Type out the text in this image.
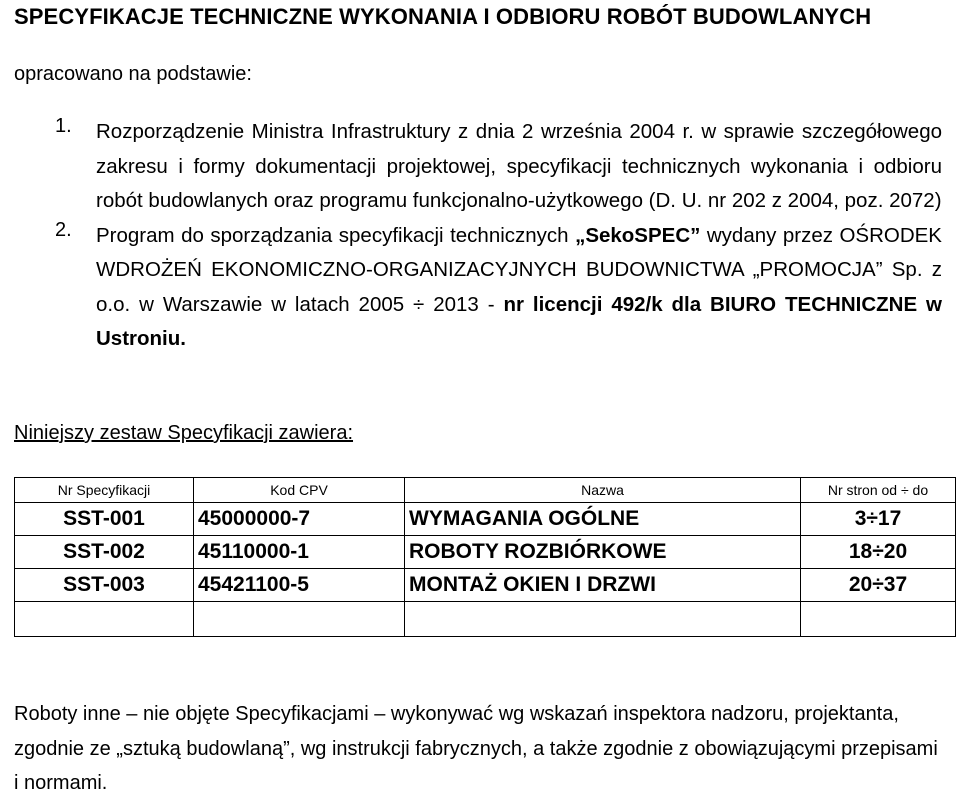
SPECYFIKACJE TECHNICZNE WYKONANIA I ODBIORU ROBÓT BUDOWLANYCH
opracowano na podstawie:
1. Rozporządzenie Ministra Infrastruktury z dnia 2 września 2004 r. w sprawie szczegółowego zakresu i formy dokumentacji projektowej, specyfikacji technicznych wykonania i odbioru robót budowlanych oraz programu funkcjonalno-użytkowego (D. U. nr 202 z 2004, poz. 2072)
2. Program do sporządzania specyfikacji technicznych „SekoSPEC” wydany przez OŚRODEK WDROŻEŃ EKONOMICZNO-ORGANIZACYJNYCH BUDOWNICTWA „PROMOCJA” Sp. z o.o. w Warszawie w latach 2005 ÷ 2013 - nr licencji 492/k dla BIURO TECHNICZNE w Ustroniu.
Niniejszy zestaw Specyfikacji zawiera:
Nr Specyfikacji	Kod CPV	Nazwa	Nr stron od ÷ do
SST-001	45000000-7	WYMAGANIA OGÓLNE	3÷17
SST-002	45110000-1	ROBOTY ROZBIÓRKOWE	18÷20
SST-003	45421100-5	MONTAŻ OKIEN I DRZWI	20÷37

Roboty inne – nie objęte Specyfikacjami – wykonywać wg wskazań inspektora nadzoru, projektanta, zgodnie ze „sztuką budowlaną”, wg instrukcji fabrycznych, a także zgodnie z obowiązującymi przepisami i normami.
